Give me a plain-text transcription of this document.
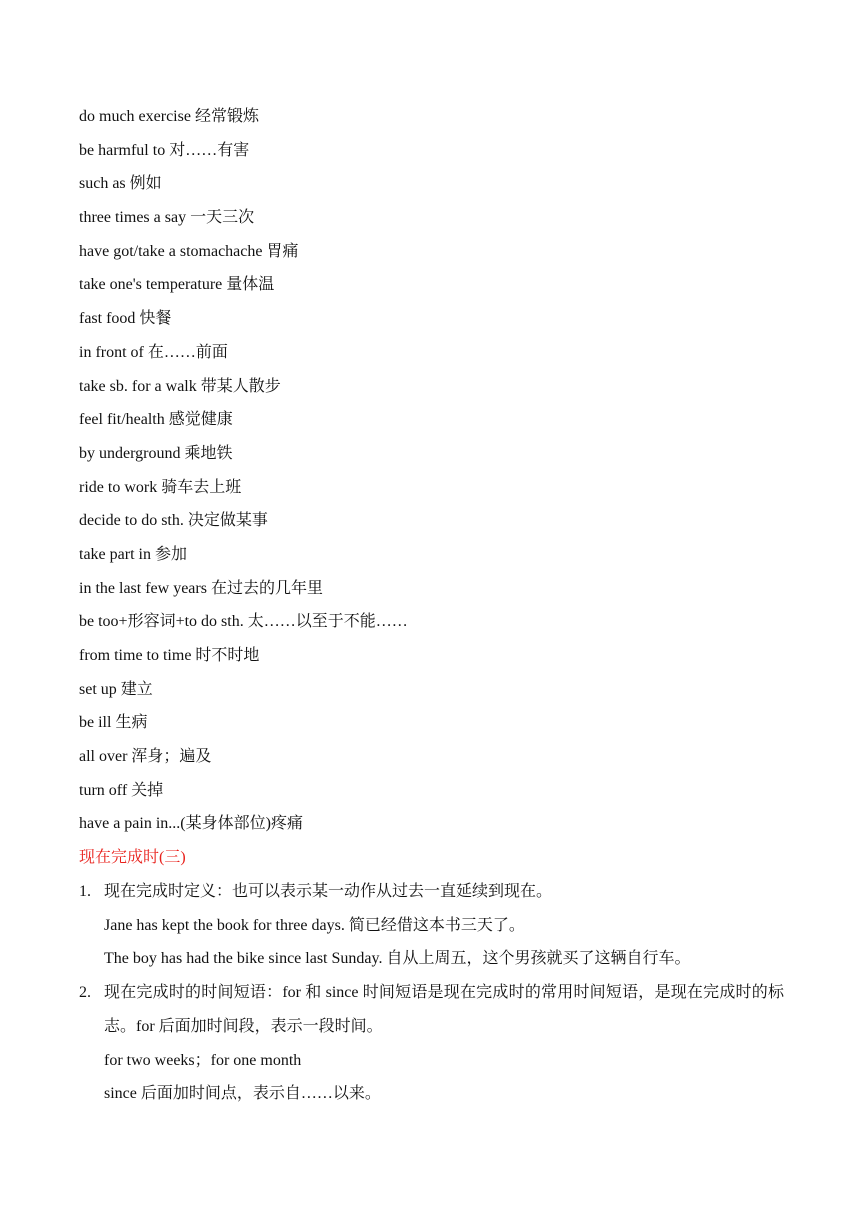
do much exercise 经常锻炼
be harmful to 对……有害
such as 例如
three times a say 一天三次
have got/take a stomachache 胃痛
take one's temperature 量体温
fast food 快餐
in front of 在……前面
take sb. for a walk 带某人散步
feel fit/health 感觉健康
by underground 乘地铁
ride to work 骑车去上班
decide to do sth. 决定做某事
take part in 参加
in the last few years 在过去的几年里
be too+形容词+to do sth. 太……以至于不能……
from time to time 时不时地
set up 建立
be ill 生病
all over 浑身；遍及
turn off 关掉
have a pain in...(某身体部位)疼痛
现在完成时(三)
1. 现在完成时定义：也可以表示某一动作从过去一直延续到现在。
Jane has kept the book for three days. 简已经借这本书三天了。
The boy has had the bike since last Sunday. 自从上周五，这个男孩就买了这辆自行车。
2. 现在完成时的时间短语：for 和 since 时间短语是现在完成时的常用时间短语，是现在完成时的标志。for 后面加时间段，表示一段时间。
for two weeks；for one month
since 后面加时间点，表示自……以来。
